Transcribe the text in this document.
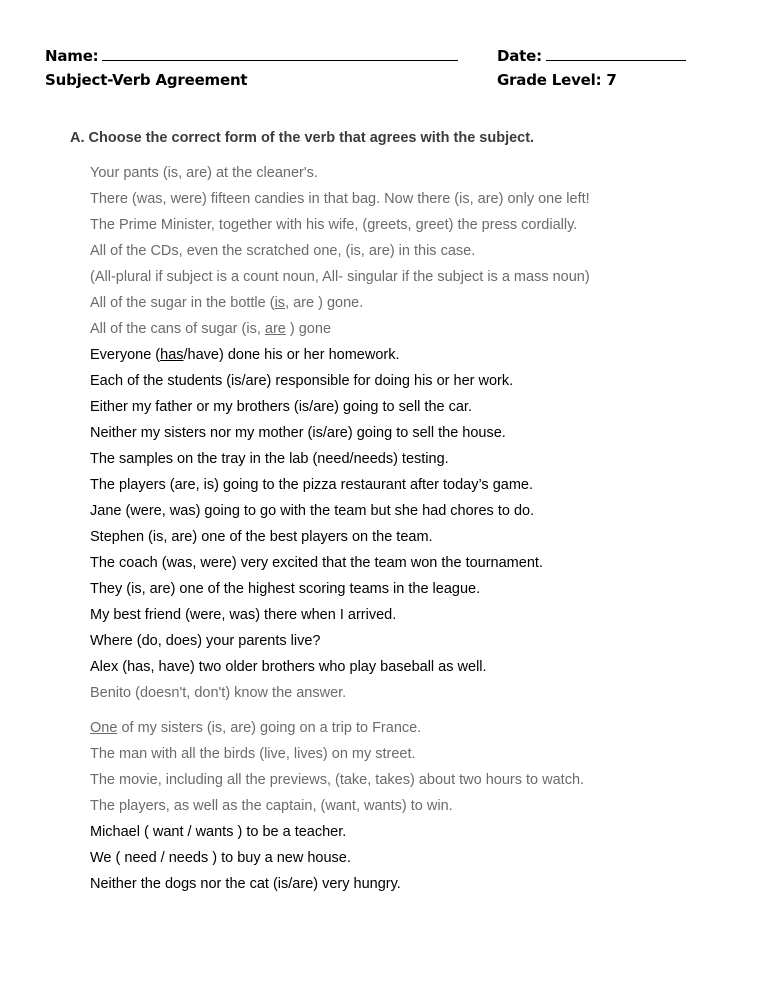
Name:	Date:
Subject-Verb Agreement	Grade Level: 7
A. Choose the correct form of the verb that agrees with the subject.
Your pants (is, are) at the cleaner's.
There (was, were) fifteen candies in that bag. Now there (is, are) only one left!
The Prime Minister, together with his wife, (greets, greet) the press cordially.
All of the CDs, even the scratched one, (is, are) in this case.
(All-plural if subject is a count noun, All- singular if the subject is a mass noun)
All of the sugar in the bottle (is, are ) gone.
All of the cans of sugar (is, are ) gone
Everyone (has/have) done his or her homework.
Each of the students (is/are) responsible for doing his or her work.
Either my father or my brothers (is/are) going to sell the car.
Neither my sisters nor my mother (is/are) going to sell the house.
The samples on the tray in the lab (need/needs) testing.
The players (are, is) going to the pizza restaurant after today’s game.
Jane (were, was) going to go with the team but she had chores to do.
Stephen (is, are) one of the best players on the team.
The coach (was, were) very excited that the team won the tournament.
They (is, are) one of the highest scoring teams in the league.
My best friend (were, was) there when I arrived.
Where (do, does) your parents live?
Alex (has, have) two older brothers who play baseball as well.
Benito (doesn't, don't) know the answer.
One of my sisters (is, are) going on a trip to France.
The man with all the birds (live, lives) on my street.
The movie, including all the previews, (take, takes) about two hours to watch.
The players, as well as the captain, (want, wants) to win.
Michael ( want / wants ) to be a teacher.
We ( need / needs ) to buy a new house.
Neither the dogs nor the cat (is/are) very hungry.
